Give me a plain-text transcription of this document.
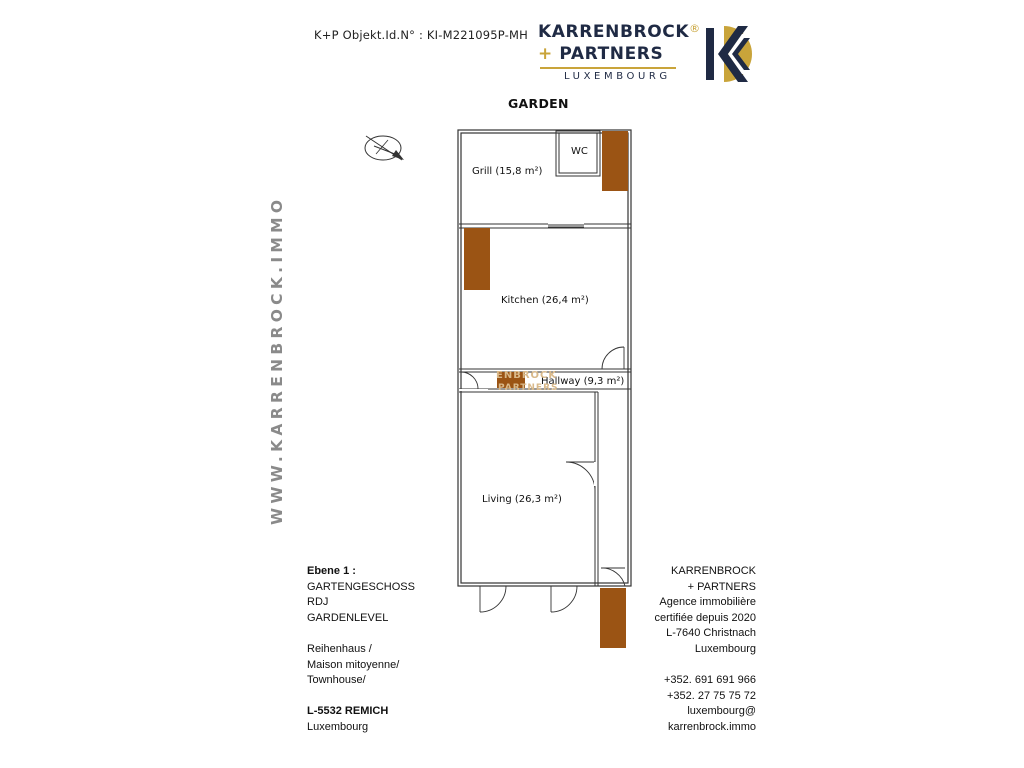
K+P Objekt.Id.N° : KI-M221095P-MH KARRENBROCK®
+ PARTNERS
LUXEMBOURG
GARDEN
WWW.KARRENBROCK.IMMO
WC
Grill (15,8 m²)
Kitchen (26,4 m²)
Hallway (9,3 m²)
Living (26,3 m²)
ENBROCK
PARTNERS
Ebene 1 :
GARTENGESCHOSS
RDJ
GARDENLEVEL
Reihenhaus /
Maison mitoyenne/
Townhouse/
L-5532 REMICH
Luxembourg
KARRENBROCK
+ PARTNERS
Agence immobilière
certifiée depuis 2020
L-7640 Christnach
Luxembourg
+352. 691 691 966
+352. 27 75 75 72
luxembourg@
karrenbrock.immo
